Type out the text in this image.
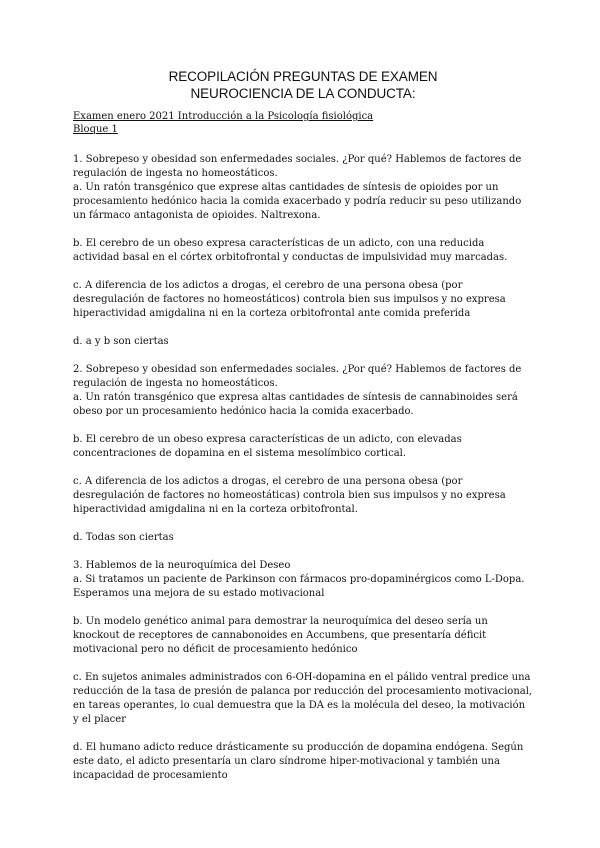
RECOPILACIÓN PREGUNTAS DE EXAMEN
NEUROCIENCIA DE LA CONDUCTA:
Examen enero 2021 Introducción a la Psicología fisiológica
Bloque 1
1. Sobrepeso y obesidad son enfermedades sociales. ¿Por qué? Hablemos de factores de regulación de ingesta no homeostáticos.
a. Un ratón transgénico que exprese altas cantidades de síntesis de opioides por un procesamiento hedónico hacia la comida exacerbado y podría reducir su peso utilizando un fármaco antagonista de opioides. Naltrexona.
b. El cerebro de un obeso expresa características de un adicto, con una reducida actividad basal en el córtex orbitofrontal y conductas de impulsividad muy marcadas.
c. A diferencia de los adictos a drogas, el cerebro de una persona obesa (por desregulación de factores no homeostáticos) controla bien sus impulsos y no expresa hiperactividad amigdalina ni en la corteza orbitofrontal ante comida preferida
d. a y b son ciertas
2. Sobrepeso y obesidad son enfermedades sociales. ¿Por qué? Hablemos de factores de regulación de ingesta no homeostáticos.
a. Un ratón transgénico que expresa altas cantidades de síntesis de cannabinoides será obeso por un procesamiento hedónico hacia la comida exacerbado.
b. El cerebro de un obeso expresa características de un adicto, con elevadas concentraciones de dopamina en el sistema mesolímbico cortical.
c. A diferencia de los adictos a drogas, el cerebro de una persona obesa (por desregulación de factores no homeostáticas) controla bien sus impulsos y no expresa hiperactividad amigdalina ni en la corteza orbitofrontal.
d. Todas son ciertas
3. Hablemos de la neuroquímica del Deseo
a. Si tratamos un paciente de Parkinson con fármacos pro-dopaminérgicos como L-Dopa. Esperamos una mejora de su estado motivacional
b. Un modelo genético animal para demostrar la neuroquímica del deseo sería un knockout de receptores de cannabonoides en Accumbens, que presentaría déficit motivacional pero no déficit de procesamiento hedónico
c. En sujetos animales administrados con 6-OH-dopamina en el pálido ventral predice una reducción de la tasa de presión de palanca por reducción del procesamiento motivacional, en tareas operantes, lo cual demuestra que la DA es la molécula del deseo, la motivación y el placer
d. El humano adicto reduce drásticamente su producción de dopamina endógena. Según este dato, el adicto presentaría un claro síndrome hiper-motivacional y también una incapacidad de procesamiento
